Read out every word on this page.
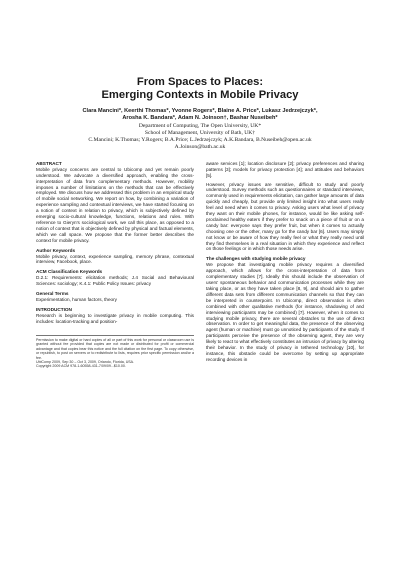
From Spaces to Places:
Emerging Contexts in Mobile Privacy
Clara Mancini*, Keerthi Thomas*, Yvonne Rogers*, Blaine A. Price*, Lukasz Jedrzejczyk*,
Arosha K. Bandara*, Adam N. Joinson†, Bashar Nuseibeh*
Department of Computing, The Open University, UK*
School of Management, University of Bath, UK†
C.Mancini; K.Thomas; Y.Rogers; B.A.Price; L.Jedrzejczyk; A.K.Bandara, B.Nuseibeh@open.ac.uk
A.Joinson@bath.ac.uk

ABSTRACT

Mobile privacy concerns are central to Ubicomp and yet remain poorly understood. We advocate a diversified approach, enabling the cross-interpretation of data from complementary methods. However, mobility imposes a number of limitations on the methods that can be effectively employed. We discuss how we addressed this problem in an empirical study of mobile social networking. We report on how, by combining a variation of experience sampling and contextual interviews, we have started focusing on a notion of context in relation to privacy, which is subjectively defined by emerging socio-cultural knowledge, functions, relations and rules. With reference to Gieryn's sociological work, we call this place, as opposed to a notion of context that is objectively defined by physical and factual elements, which we call space. We propose that the former better describes the context for mobile privacy.

Author Keywords

Mobile privacy, context, experience sampling, memory phrase, contextual interview, Facebook, place.

ACM Classification Keywords

D.2.1: Requirements: elicitation methods; J.4 Social and Behavioural Sciences: sociology; K.4.1: Public Policy Issues: privacy

General Terms

Experimentation, human factors, theory

INTRODUCTION

Research is beginning to investigate privacy in mobile computing. This includes: location-tracking and position-

Permission to make digital or hard copies of all or part of this work for personal or classroom use is granted without fee provided that copies are not made or distributed for profit or commercial advantage and that copies bear this notice and the full citation on the first page. To copy otherwise, or republish, to post on servers or to redistribute to lists, requires prior specific permission and/or a fee.

UbiComp 2009, Sep 30 – Oct 3, 2009, Orlando, Florida, USA.

Copyright 2009 ACM 978-1-60558-431-7/09/09...$10.00.

aware services [1]; location disclosure [2]; privacy preferences and sharing patterns [3]; models for privacy protection [4]; and attitudes and behaviors [5].

However, privacy issues are sensitive, difficult to study and poorly understood. Survey methods such as questionnaires or standard interviews, commonly used in requirements elicitation, can gather large amounts of data quickly and cheaply, but provide only limited insight into what users really feel and need when it comes to privacy. Asking users what level of privacy they want on their mobile phones, for instance, would be like asking self-proclaimed healthy eaters if they prefer to snack on a piece of fruit or on a candy bar: everyone says they prefer fruit, but when it comes to actually choosing one or the other, many go for the candy bar [6]. Users may simply not know or be aware of how they really feel or what they really need until they find themselves in a real situation in which they experience and reflect on those feelings or in which those needs arise.

The challenges with studying mobile privacy

We propose that investigating mobile privacy requires a diversified approach, which allows for the cross-interpretation of data from complementary studies [7]. Ideally this should include the observation of users' spontaneous behavior and communication processes while they are taking place, or as they have taken place [8, 9], and should aim to gather different data sets from different communication channels so that they can be interpreted in counterpoint. In Ubicomp, direct observation is often combined with other qualitative methods (for instance, shadowing of and interviewing participants may be combined) [7]. However, when it comes to studying mobile privacy, there are several obstacles to the use of direct observation. In order to get meaningful data, the presence of the observing agent (human or machine) must go unnoticed by participants of the study. If participants perceive the presence of the observing agent, they are very likely to react to what effectively constitutes an intrusion of privacy by altering their behavior. In the study of privacy in tethered technology [10], for instance, this obstacle could be overcome by setting up appropriate recording devices in
